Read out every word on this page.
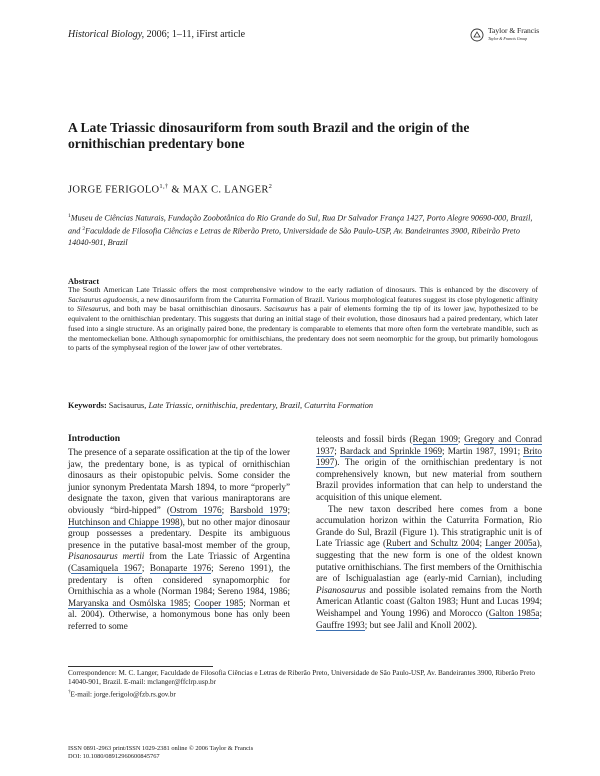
Historical Biology, 2006; 1–11, iFirst article	Taylor & Francis
Taylor & Francis Group
A Late Triassic dinosauriform from south Brazil and the origin of the ornithischian predentary bone
JORGE $FERIGOLO^{1,\dagger}$ & MAX C. LANGER$^2$
$^1$Museu de Ciências Naturais, Fundação Zoobotânica do Rio Grande do Sul, Rua Dr Salvador França 1427, Porto Alegre 90690-000, Brazil, and $^2$Faculdade de Filosofia Ciências e Letras de Riberão Preto, Universidade de São Paulo-USP, Av. Bandeirantes 3900, Ribeirão Preto 14040-901, Brazil
Abstract
The South American Late Triassic offers the most comprehensive window to the early radiation of dinosaurs. This is enhanced by the discovery of Sacisaurus agudoensis, a new dinosauriform from the Caturrita Formation of Brazil. Various morphological features suggest its close phylogenetic affinity to Silesaurus, and both may be basal ornithischian dinosaurs. Sacisaurus has a pair of elements forming the tip of its lower jaw, hypothesized to be equivalent to the ornithischian predentary. This suggests that during an initial stage of their evolution, those dinosaurs had a paired predentary, which later fused into a single structure. As an originally paired bone, the predentary is comparable to elements that more often form the vertebrate mandible, such as the mentomeckelian bone. Although synapomorphic for ornithischians, the predentary does not seem neomorphic for the group, but primarily homologous to parts of the symphyseal region of the lower jaw of other vertebrates.
Keywords: Sacisaurus, Late Triassic, ornithischia, predentary, Brazil, Caturrita Formation
Introduction
The presence of a separate ossification at the tip of the lower jaw, the predentary bone, is as typical of ornithischian dinosaurs as their opistopubic pelvis. Some consider the junior synonym Predentata Marsh 1894, to more “properly” designate the taxon, given that various maniraptorans are obviously “bird-hipped” (Ostrom 1976; Barsbold 1979; Hutchinson and Chiappe 1998), but no other major dinosaur group possesses a predentary. Despite its ambiguous presence in the putative basal-most member of the group, Pisanosaurus mertii from the Late Triassic of Argentina (Casamiquela 1967; Bonaparte 1976; Sereno 1991), the predentary is often considered synapomorphic for Ornithischia as a whole (Norman 1984; Sereno 1984, 1986; Maryanska and Osmólska 1985; Cooper 1985; Norman et al. 2004). Otherwise, a homonymous bone has only been referred to some
teleosts and fossil birds (Regan 1909; Gregory and Conrad 1937; Bardack and Sprinkle 1969; Martin 1987, 1991; Brito 1997). The origin of the ornithischian predentary is not comprehensively known, but new material from southern Brazil provides information that can help to understand the acquisition of this unique element.
The new taxon described here comes from a bone accumulation horizon within the Caturrita Formation, Rio Grande do Sul, Brazil (Figure 1). This stratigraphic unit is of Late Triassic age (Rubert and Schultz 2004; Langer 2005a), suggesting that the new form is one of the oldest known putative ornithischians. The first members of the Ornithischia are of Ischigualastian age (early-mid Carnian), including Pisanosaurus and possible isolated remains from the North American Atlantic coast (Galton 1983; Hunt and Lucas 1994; Weishampel and Young 1996) and Morocco (Galton 1985a; Gauffre 1993; but see Jalil and Knoll 2002).
Correspondence: M. C. Langer, Faculdade de Filosofia Ciências e Letras de Riberão Preto, Universidade de São Paulo-USP, Av. Bandeirantes 3900, Riberão Preto 14040-901, Brazil. E-mail: mclanger@ffclrp.usp.br
†E-mail: jorge.ferigolo@fzb.rs.gov.br
ISSN 0891-2963 print/ISSN 1029-2381 online © 2006 Taylor & Francis
DOI: 10.1080/08912960600845767
